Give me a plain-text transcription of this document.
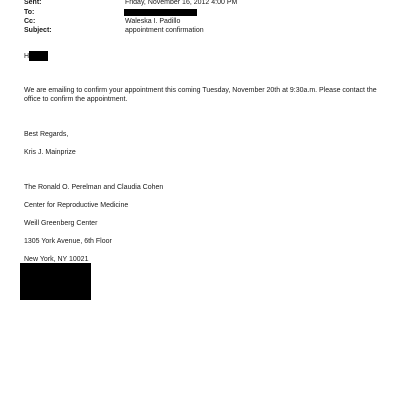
Sent:	Friday, November 16, 2012 4:00 PM
To:
Cc:	Waleska I. Padillo
Subject:	appointment confirmation
H
We are emailing to confirm your appointment this coming Tuesday, November 20th at 9:30a.m. Please contact the
office to confirm the appointment.
Best Regards,
Kris J. Mainprize
The Ronald O. Perelman and Claudia Cohen
Center for Reproductive Medicine
Weill Greenberg Center
1305 York Avenue, 6th Floor
New York, NY 10021
